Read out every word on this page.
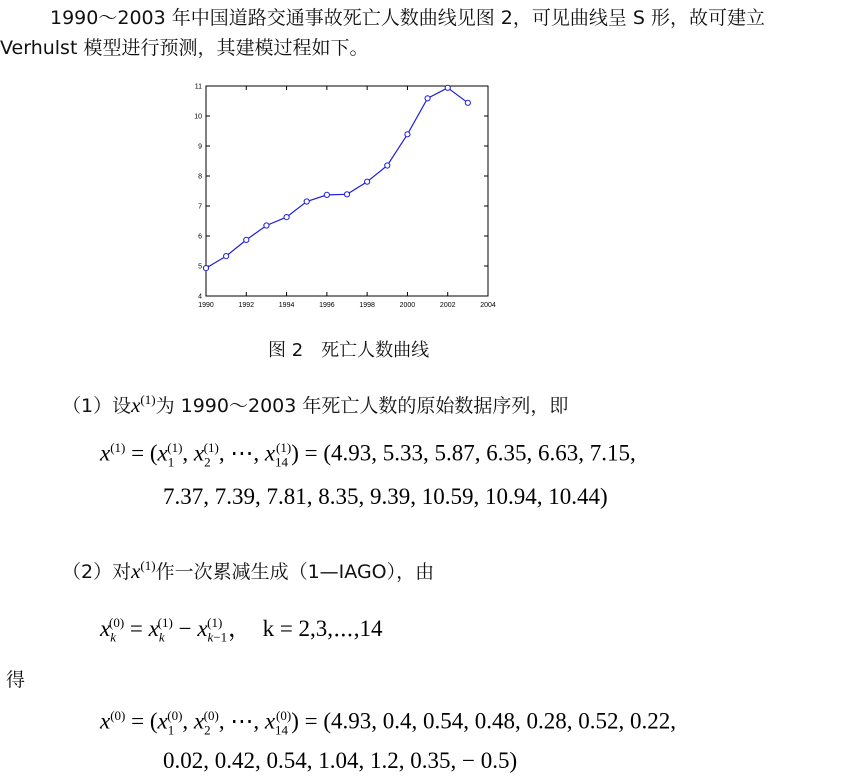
1990～2003 年中国道路交通事故死亡人数曲线见图 2，可见曲线呈 S 形，故可建立
Verhulst 模型进行预测，其建模过程如下。
1990	1992	1994	1996	1998	2000	2002	2004
4
5
6
7
8
9
10
11
图 2　死亡人数曲线
（1）设$x^{(1)}$为 1990～2003 年死亡人数的原始数据序列，即
$x^{(1)} = (x_1^{(1)}$, $x_2^{(1)}$, ⋯, $x_{14}^{(1)}) = (4.93$, 5.33, 5.87, 6.35, 6.63, 7.15,
7.37, 7.39, 7.81, 8.35, 9.39, 10.59, 10.94, 10.44)
（2）对$x^{(1)}$作一次累减生成（1—IAGO），由
$x_k^{(0)} = x_k^{(1)} - x_{k-1}^{(1)}$ ，  k = 2,3,⋯,14
得
$x^{(0)} = (x_1^{(0)}$, $x_2^{(0)}$, ⋯, $x_{14}^{(0)}) = (4.93$, 0.4, 0.54, 0.48, 0.28, 0.52, 0.22,
0.02, 0.42, 0.54, 1.04, 1.2, 0.35, − 0.5)
